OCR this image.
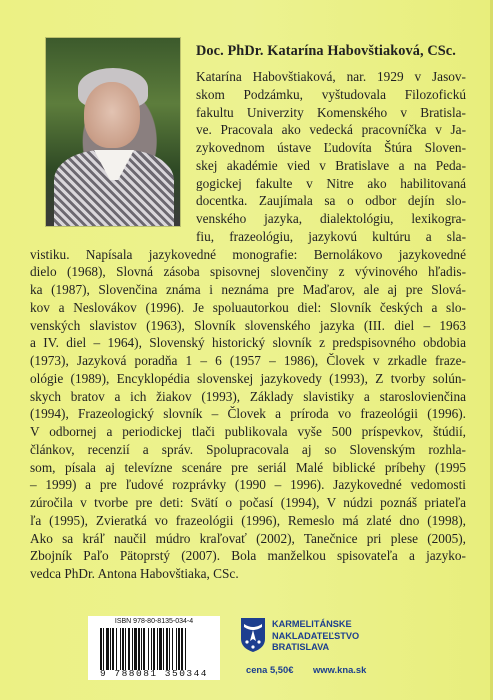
Doc. PhDr. Katarína Habovštiaková, CSc.
Katarína Habovštiaková, nar. 1929 v Jasov-
skom Podzámku, vyštudovala Filozofickú
fakultu Univerzity Komenského v Bratisla-
ve. Pracovala ako vedecká pracovníčka v Ja-
zykovednom ústave Ľudovíta Štúra Sloven-
skej akadémie vied v Bratislave a na Peda-
gogickej fakulte v Nitre ako habilitovaná
docentka. Zaujímala sa o odbor dejín slo-
venského jazyka, dialektológiu, lexikogra-
fiu, frazeológiu, jazykovú kultúru a sla-
vistiku. Napísala jazykovedné monografie: Bernolákovo jazykovedné
dielo (1968), Slovná zásoba spisovnej slovenčiny z vývinového hľadis-
ka (1987), Slovenčina známa i neznáma pre Maďarov, ale aj pre Slová-
kov a Neslovákov (1996). Je spoluautorkou diel: Slovník českých a slo-
venských slavistov (1963), Slovník slovenského jazyka (III. diel – 1963
a IV. diel – 1964), Slovenský historický slovník z predspisovného obdobia
(1973), Jazyková poradňa 1 – 6 (1957 – 1986), Človek v zrkadle fraze-
ológie (1989), Encyklopédia slovenskej jazykovedy (1993), Z tvorby solún-
skych bratov a ich žiakov (1993), Základy slavistiky a staroslovienčina
(1994), Frazeologický slovník – Človek a príroda vo frazeológii (1996).
V odbornej a periodickej tlači publikovala vyše 500 príspevkov, štúdií,
článkov, recenzií a správ. Spolupracovala aj so Slovenským rozhla-
som, písala aj televízne scenáre pre seriál Malé biblické príbehy (1995
– 1999) a pre ľudové rozprávky (1990 – 1996). Jazykovedné vedomosti
zúročila v tvorbe pre deti: Svätí o počasí (1994), V núdzi poznáš priateľa
ľa (1995), Zvieratká vo frazeológii (1996), Remeslo má zlaté dno (1998),
Ako sa kráľ naučil múdro kraľovať (2002), Tanečnice pri plese (2005),
Zbojník Paľo Pätoprstý (2007). Bola manželkou spisovateľa a jazyko-
vedca PhDr. Antona Habovštiaka, CSc.
ISBN 978-80-8135-034-4
9 788081 350344
KARMELITÁNSKE
NAKLADATEĽSTVO
BRATISLAVA
cena 5,50€ www.kna.sk
